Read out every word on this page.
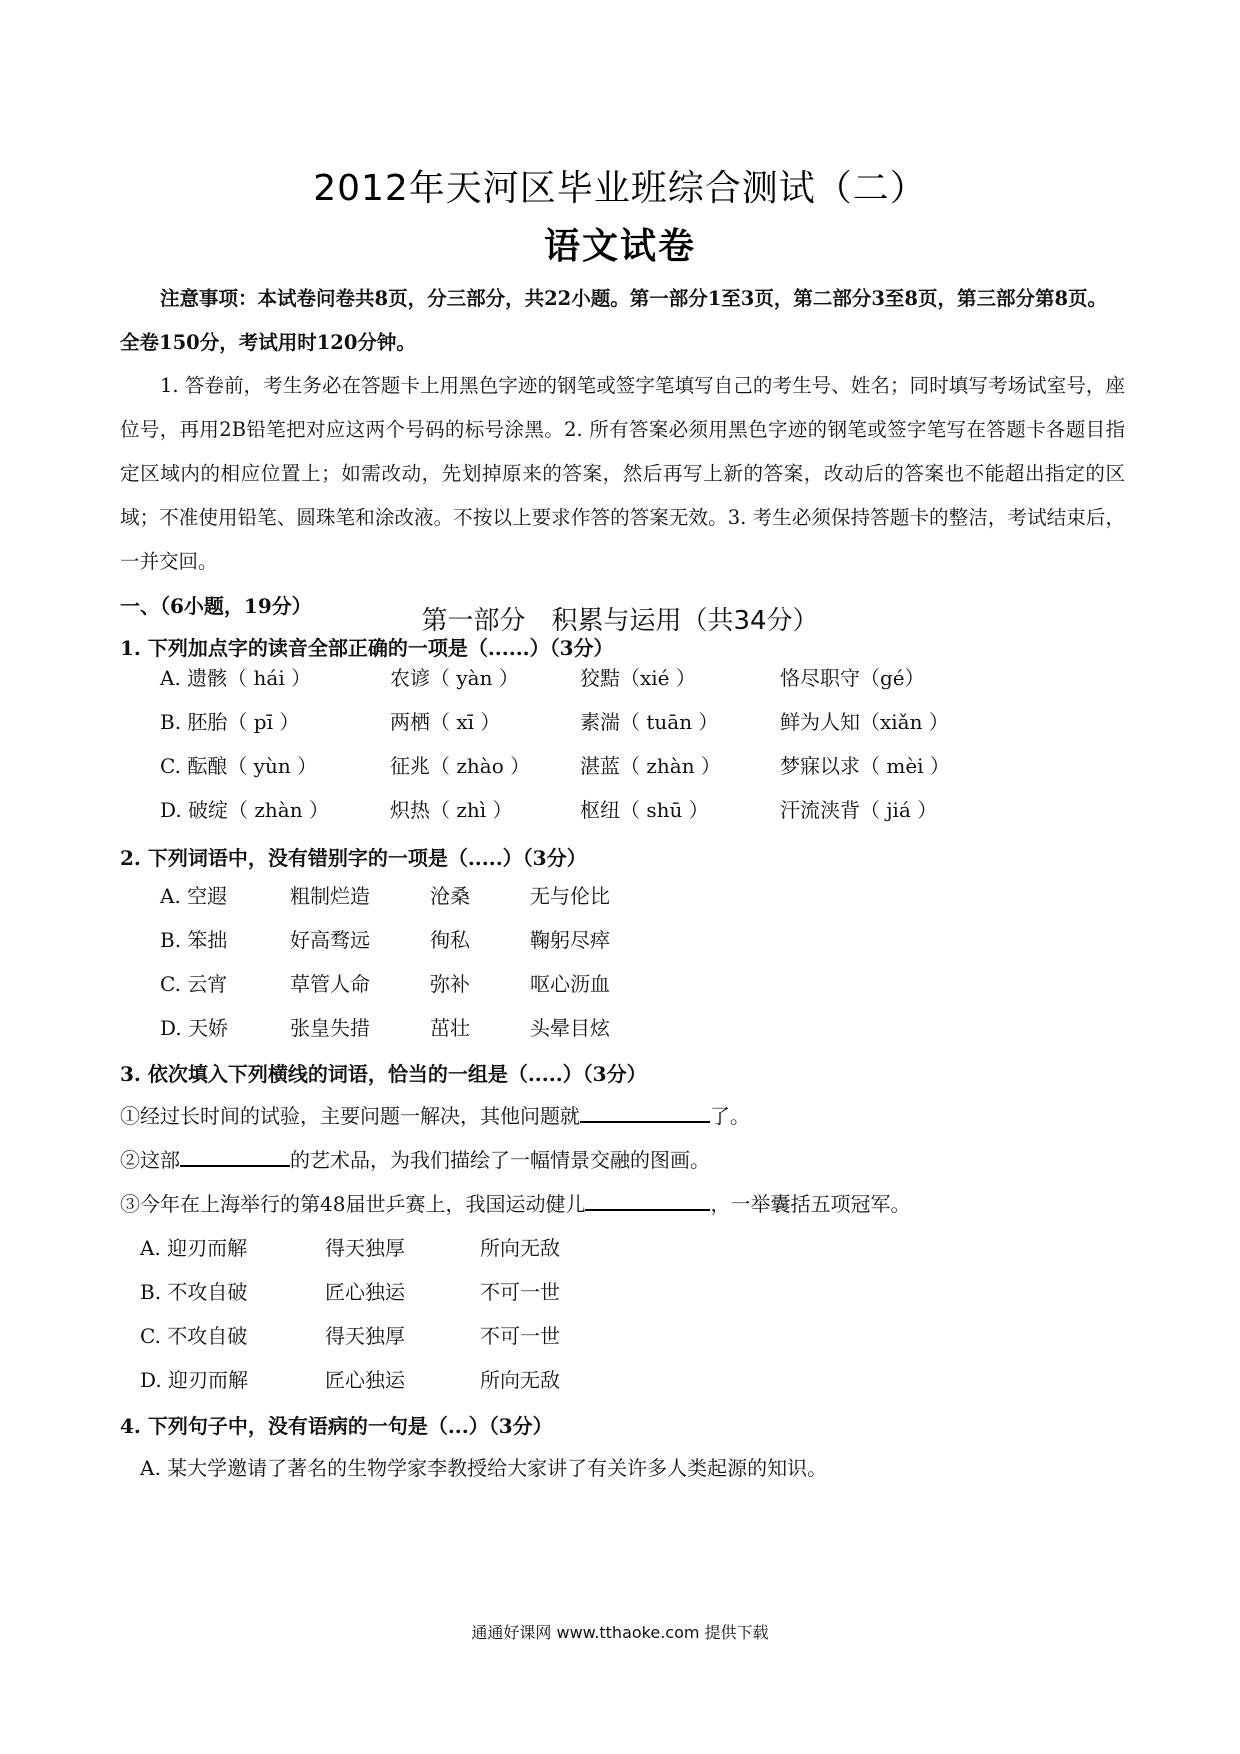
2012年天河区毕业班综合测试（二）
语文试卷
注意事项：本试卷问卷共8页，分三部分，共22小题。第一部分1至3页，第二部分3至8页，第三部分第8页。全卷150分，考试用时120分钟。
1. 答卷前，考生务必在答题卡上用黑色字迹的钢笔或签字笔填写自己的考生号、姓名；同时填写考场试室号，座位号，再用2B铅笔把对应这两个号码的标号涂黑。2. 所有答案必须用黑色字迹的钢笔或签字笔写在答题卡各题目指定区域内的相应位置上；如需改动，先划掉原来的答案，然后再写上新的答案，改动后的答案也不能超出指定的区域；不准使用铅笔、圆珠笔和涂改液。不按以上要求作答的答案无效。3. 考生必须保持答题卡的整洁，考试结束后，一并交回。
第一部分　积累与运用（共34分）
一、（6小题，19分）
1. 下列加点字的读音全部正确的一项是（......）（3分）
A. 遗骸（ hái ）	农谚（ yàn ）	狡黠（xié ）	恪尽职守（gé）
B. 胚胎（ pī ）	两栖（ xī ）	素湍（ tuān ）	鲜为人知（xiǎn ）
C. 酝酿（ yùn ）	征兆（ zhào ） 湛蓝（ zhàn ）	梦寐以求（ mèi ）
D. 破绽（ zhàn ）	炽热（ zhì ）	枢纽（ shū ）	汗流浃背（ jiá ）
2. 下列词语中，没有错别字的一项是（.....）（3分）
A. 空遐	粗制烂造	沧桑	无与伦比
B. 笨拙	好高骛远	徇私	鞠躬尽瘁
C. 云宵	草管人命	弥补	呕心沥血
D. 天娇	张皇失措	茁壮	头晕目炫
3. 依次填入下列横线的词语，恰当的一组是（.....）（3分）
①经过长时间的试验，主要问题一解决，其他问题就	了。
②这部	的艺术品，为我们描绘了一幅情景交融的图画。
③今年在上海举行的第48届世乒赛上，我国运动健儿	，一举囊括五项冠军。
A. 迎刃而解	得天独厚	所向无敌
B. 不攻自破	匠心独运	不可一世
C. 不攻自破	得天独厚	不可一世
D. 迎刃而解	匠心独运	所向无敌
4. 下列句子中，没有语病的一句是（...）（3分）
A. 某大学邀请了著名的生物学家李教授给大家讲了有关许多人类起源的知识。
通通好课网 www.tthaoke.com 提供下载
